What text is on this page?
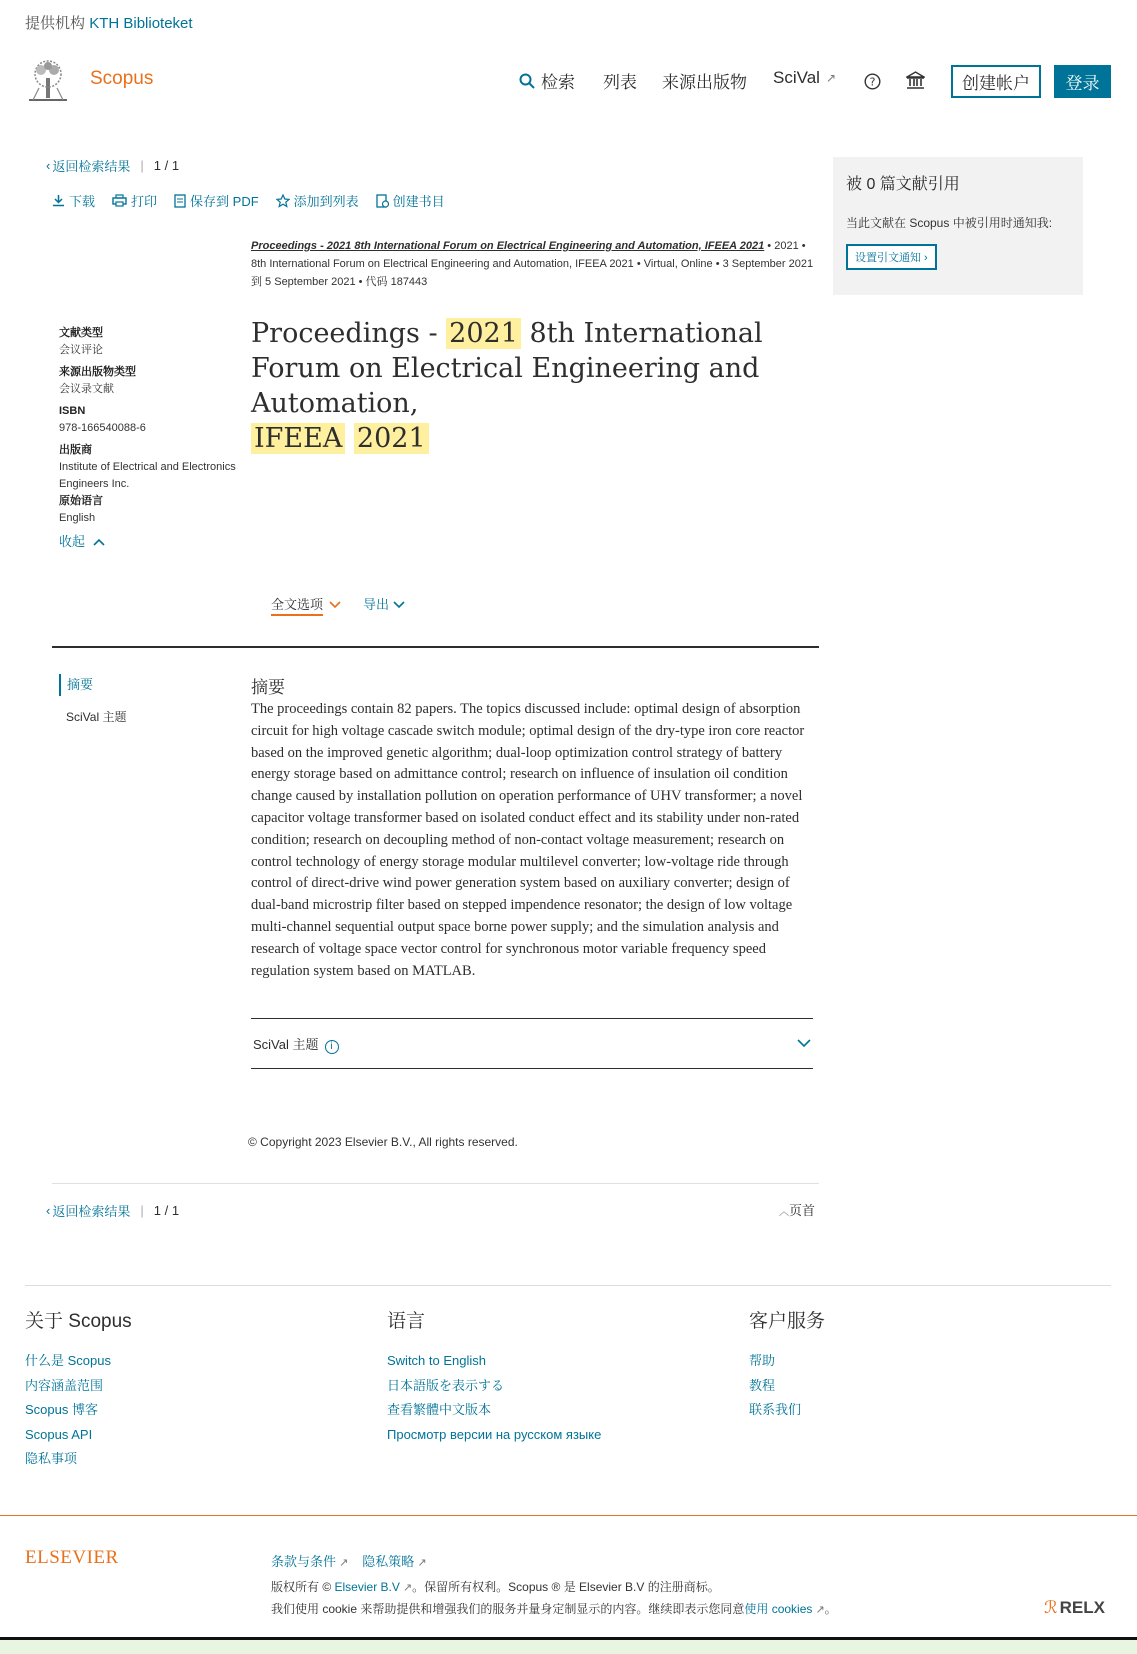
提供机构 KTH Biblioteket
Scopus	检索 列表 来源出版物 SciVal ↗	?	创建帐户	登录
‹ 返回检索结果 | 1 / 1
下载	打印	保存到 PDF	添加到列表	创建书目
Proceedings - 2021 8th International Forum on Electrical Engineering and Automation, IFEEA 2021 • 2021 •
8th International Forum on Electrical Engineering and Automation, IFEEA 2021 • Virtual, Online • 3 September 2021
到 5 September 2021 • 代码 187443
文献类型
会议评论
来源出版物类型
会议录文献
ISBN
978-166540088-6
出版商
Institute of Electrical and Electronics Engineers Inc.
原始语言
English
收起
Proceedings - 2021 8th International Forum on Electrical Engineering and Automation,
IFEEA 2021
全文选项	导出
摘要
SciVal 主题
摘要
The proceedings contain 82 papers. The topics discussed include: optimal design of absorption circuit for high voltage cascade switch module; optimal design of the dry-type iron core reactor based on the improved genetic algorithm; dual-loop optimization control strategy of battery energy storage based on admittance control; research on influence of insulation oil condition change caused by installation pollution on operation performance of UHV transformer; a novel capacitor voltage transformer based on isolated conduct effect and its stability under non-rated condition; research on decoupling method of non-contact voltage measurement; research on control technology of energy storage modular multilevel converter; low-voltage ride through control of direct-drive wind power generation system based on auxiliary converter; design of dual-band microstrip filter based on stepped impendence resonator; the design of low voltage multi-channel sequential output space borne power supply; and the simulation analysis and research of voltage space vector control for synchronous motor variable frequency speed regulation system based on MATLAB.
SciVal 主题 i
© Copyright 2023 Elsevier B.V., All rights reserved.
‹ 返回检索结果 | 1 / 1	︿页首
被 0 篇文献引用
当此文献在 Scopus 中被引用时通知我:
设置引文通知 ›
关于 Scopus
什么是 Scopus
内容涵盖范围
Scopus 博客
Scopus API
隐私事项
语言
Switch to English
日本語版を表示する
查看繁體中文版本
Просмотр версии на русском языке
客户服务
帮助
教程
联系我们
ELSEVIER	条款与条件 ↗ 隐私策略 ↗
版权所有 © Elsevier B.V ↗。保留所有权利。Scopus ® 是 Elsevier B.V 的注册商标。
我们使用 cookie 来帮助提供和增强我们的服务并量身定制显示的内容。继续即表示您同意使用 cookies ↗。	ℛ RELX
